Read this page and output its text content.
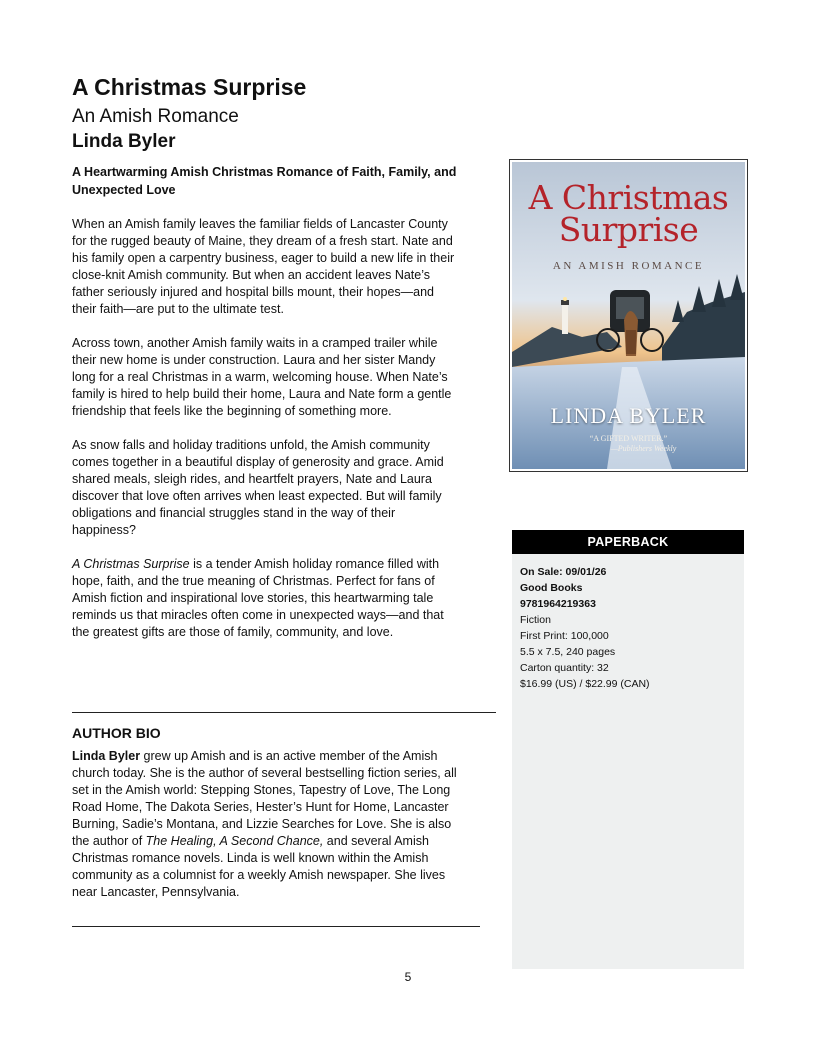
A Christmas Surprise
An Amish Romance
Linda Byler
A Heartwarming Amish Christmas Romance of Faith, Family, and Unexpected Love

When an Amish family leaves the familiar fields of Lancaster County for the rugged beauty of Maine, they dream of a fresh start. Nate and his family open a carpentry business, eager to build a new life in their close-knit Amish community. But when an accident leaves Nate’s father seriously injured and hospital bills mount, their hopes—and their faith—are put to the ultimate test.

Across town, another Amish family waits in a cramped trailer while their new home is under construction. Laura and her sister Mandy long for a real Christmas in a warm, welcoming house. When Nate’s family is hired to help build their home, Laura and Nate form a gentle friendship that feels like the beginning of something more.

As snow falls and holiday traditions unfold, the Amish community comes together in a beautiful display of generosity and grace. Amid shared meals, sleigh rides, and heartfelt prayers, Nate and Laura discover that love often arrives when least expected. But will family obligations and financial struggles stand in the way of their happiness?

A Christmas Surprise is a tender Amish holiday romance filled with hope, faith, and the true meaning of Christmas. Perfect for fans of Amish fiction and inspirational love stories, this heartwarming tale reminds us that miracles often come in unexpected ways—and that the greatest gifts are those of family, community, and love.

A Christmas
Surprise
AN AMISH ROMANCE
LINDA BYLER
“A GIFTED WRITER.”
—Publishers Weekly
PAPERBACK
On Sale: 09/01/26
Good Books
9781964219363
Fiction
First Print: 100,000
5.5 x 7.5, 240 pages
Carton quantity: 32
$16.99 (US) / $22.99 (CAN)
AUTHOR BIO

Linda Byler grew up Amish and is an active member of the Amish church today. She is the author of several bestselling fiction series, all set in the Amish world: Stepping Stones, Tapestry of Love, The Long Road Home, The Dakota Series, Hester’s Hunt for Home, Lancaster Burning, Sadie’s Montana, and Lizzie Searches for Love. She is also the author of The Healing, A Second Chance, and several Amish Christmas romance novels. Linda is well known within the Amish community as a columnist for a weekly Amish newspaper. She lives near Lancaster, Pennsylvania.

5
